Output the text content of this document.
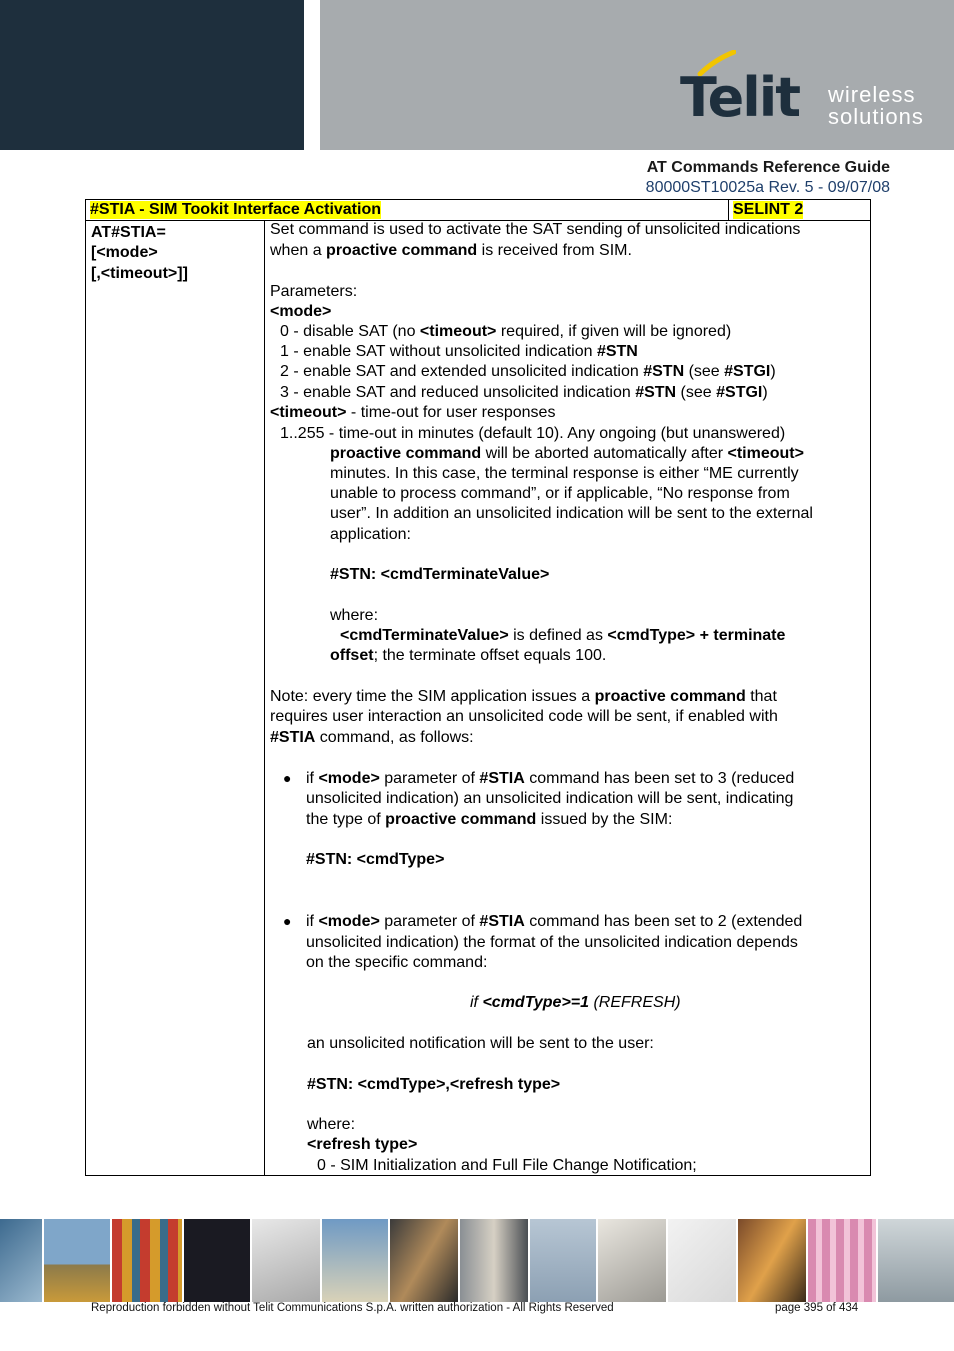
Telit wireless
solutions
AT Commands Reference Guide
80000ST10025a Rev. 5 - 09/07/08
#STIA - SIM Tookit Interface Activation	SELINT 2
AT#STIA=
[<mode>
[,<timeout>]]
Set command is used to activate the SAT sending of unsolicited indications
when a proactive command is received from SIM.
Parameters:
<mode>
0 - disable SAT (no <timeout> required, if given will be ignored)
1 - enable SAT without unsolicited indication #STN
2 - enable SAT and extended unsolicited indication #STN (see #STGI)
3 - enable SAT and reduced unsolicited indication #STN (see #STGI)
<timeout> - time-out for user responses
1..255 - time-out in minutes (default 10). Any ongoing (but unanswered)
proactive command will be aborted automatically after <timeout>
minutes. In this case, the terminal response is either “ME currently
unable to process command”, or if applicable, “No response from
user”. In addition an unsolicited indication will be sent to the external
application:
#STN: <cmdTerminateValue>
where:
<cmdTerminateValue> is defined as <cmdType> + terminate
offset; the terminate offset equals 100.
Note: every time the SIM application issues a proactive command that
requires user interaction an unsolicited code will be sent, if enabled with
#STIA command, as follows:
● if <mode> parameter of #STIA command has been set to 3 (reduced
unsolicited indication) an unsolicited indication will be sent, indicating
the type of proactive command issued by the SIM:
#STN: <cmdType>
● if <mode> parameter of #STIA command has been set to 2 (extended
unsolicited indication) the format of the unsolicited indication depends
on the specific command:
if <cmdType>=1 (REFRESH)
an unsolicited notification will be sent to the user:
#STN: <cmdType>,<refresh type>
where:
<refresh type>
0 - SIM Initialization and Full File Change Notification;
Reproduction forbidden without Telit Communications S.p.A. written authorization - All Rights Reserved	page 395 of 434
